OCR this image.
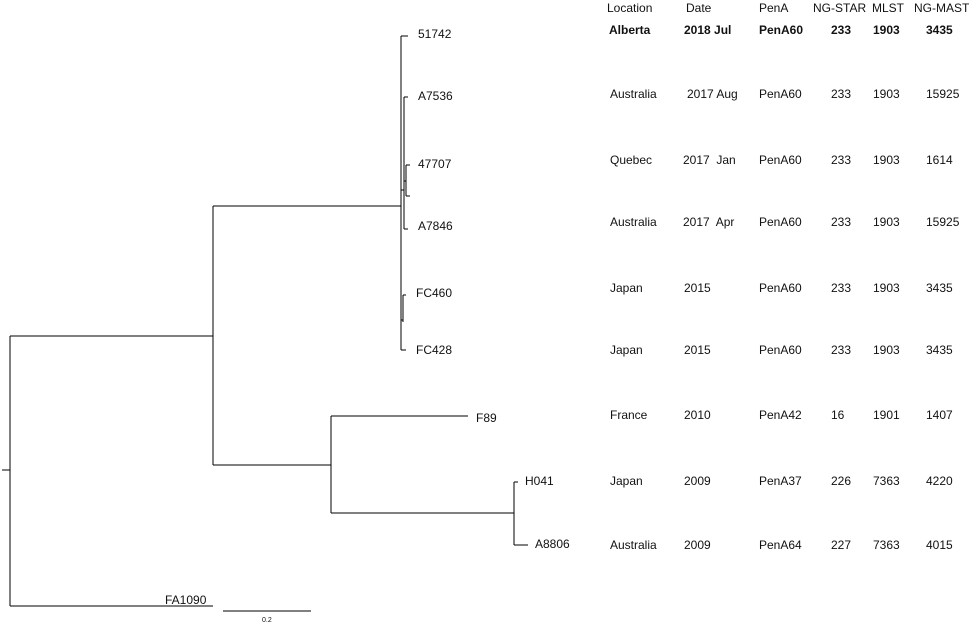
51742
A7536
47707
A7846
FC460
FC428
F89
H041
A8806
FA1090
0.2
Location	Date	PenA NG-STAR MLST NG-MAST
Alberta	2018 Jul PenA60 233 1903 3435
Australia	2017 Aug PenA60 233 1903 15925
Quebec	2017  Jan PenA60 233 1903 1614
Australia 2017  Apr PenA60 233 1903 15925
Japan	2015	PenA60 233 1903 3435
Japan	2015	PenA60 233 1903 3435
France	2010	PenA42 16 1901 1407
Japan	2009	PenA37 226 7363 4220
Australia 2009	PenA64 227 7363 4015
